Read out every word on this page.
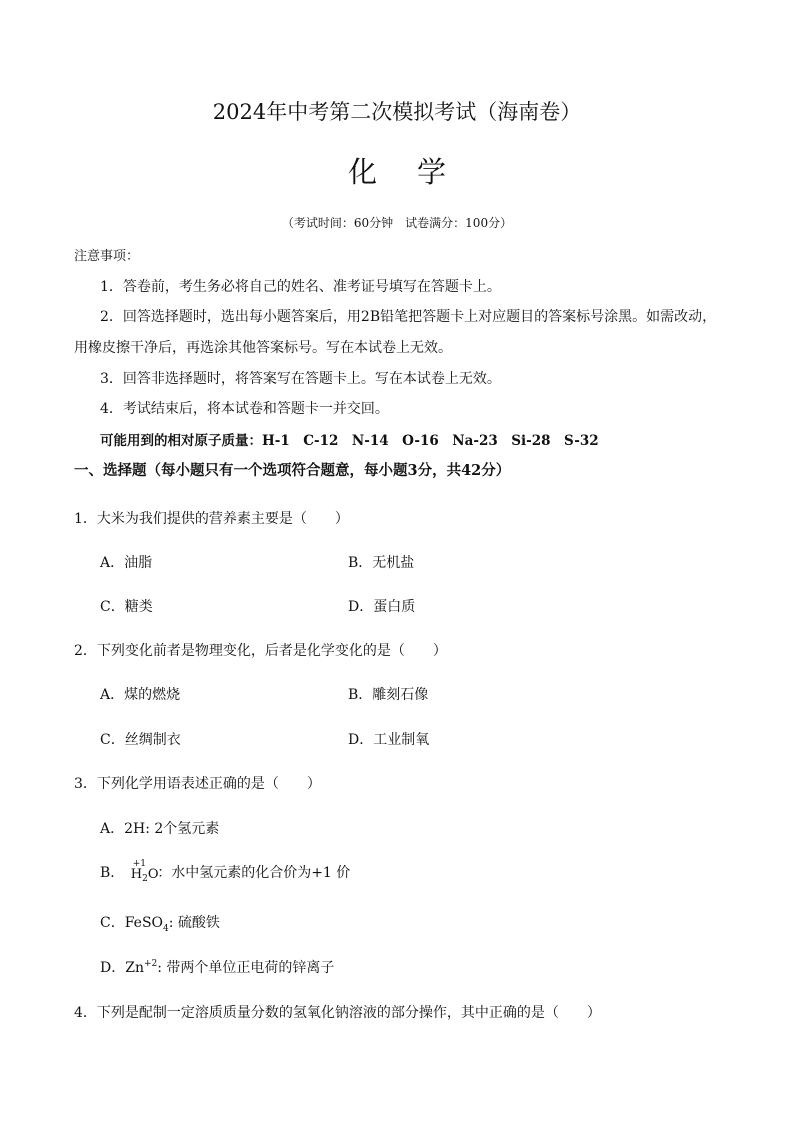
2024年中考第二次模拟考试（海南卷）
化学
（考试时间：60分钟　试卷满分：100分）
注意事项：
1．答卷前，考生务必将自己的姓名、准考证号填写在答题卡上。
2．回答选择题时，选出每小题答案后，用2B铅笔把答题卡上对应题目的答案标号涂黑。如需改动，
用橡皮擦干净后，再选涂其他答案标号。写在本试卷上无效。
3．回答非选择题时，将答案写在答题卡上。写在本试卷上无效。
4．考试结束后，将本试卷和答题卡一并交回。
可能用到的相对原子质量：H-1　C-12　N-14　O-16　Na-23　Si-28　S-32
一、选择题（每小题只有一个选项符合题意，每小题3分，共42分）
1．大米为我们提供的营养素主要是（　　）
A．油脂	B．无机盐
C．糖类	D．蛋白质
2．下列变化前者是物理变化，后者是化学变化的是（　　）
A．煤的燃烧	B．雕刻石像
C．丝绸制衣	D．工业制氧
3．下列化学用语表述正确的是（　　）
A．2H: 2个氢元素
B．
+1
$H_2O$
：水中氢元素的化合价为+1 价
C．FeSO$_4$: 硫酸铁
D．$Zn^{+2}$: 带两个单位正电荷的锌离子
4．下列是配制一定溶质质量分数的氢氧化钠溶液的部分操作，其中正确的是（　　）
